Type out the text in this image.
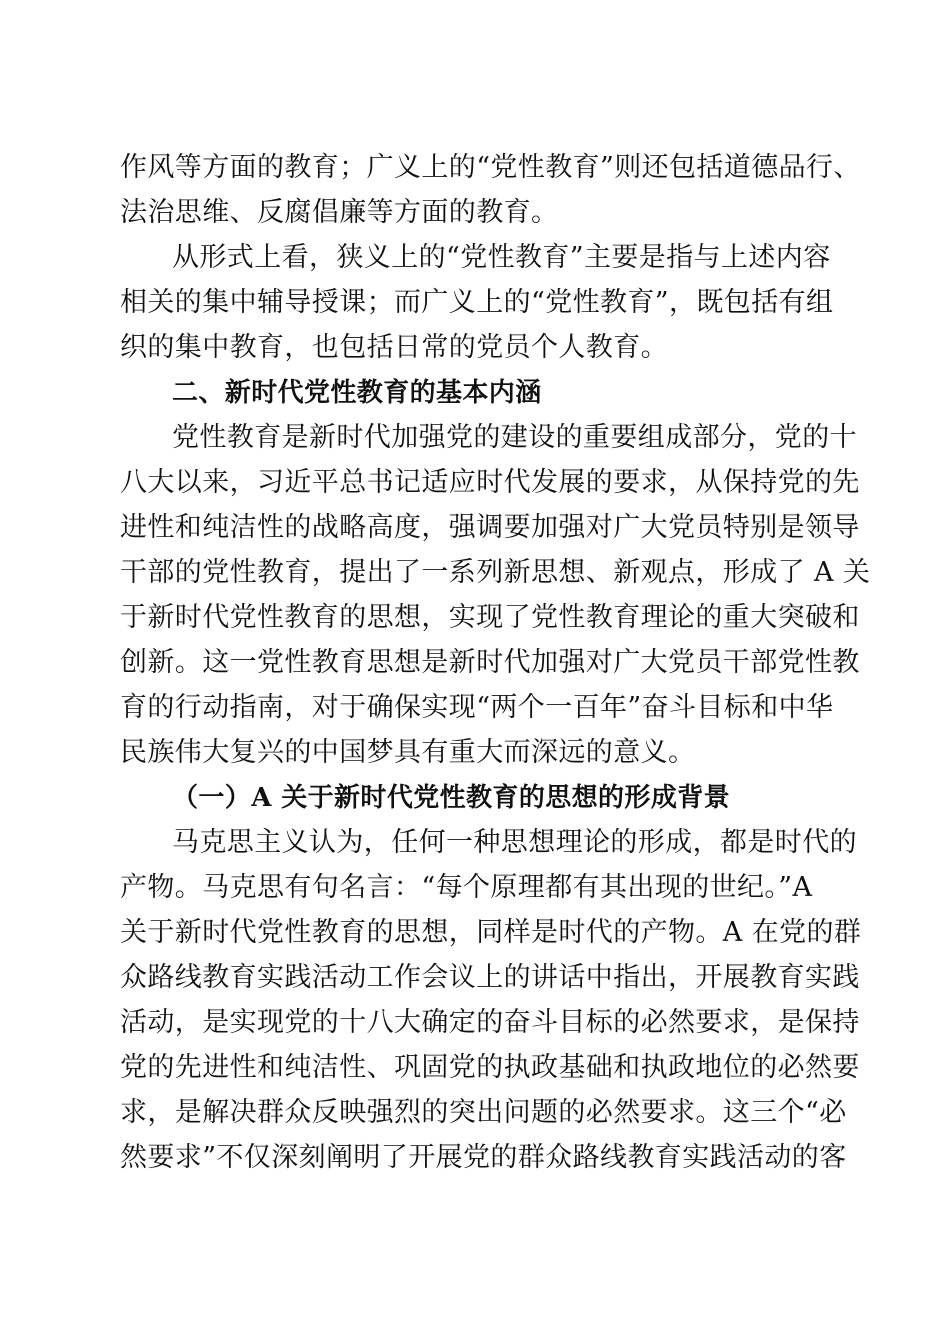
作风等方面的教育；广义上的“党性教育”则还包括道德品行、
法治思维、反腐倡廉等方面的教育。
从形式上看，狭义上的“党性教育”主要是指与上述内容
相关的集中辅导授课；而广义上的“党性教育”，既包括有组
织的集中教育，也包括日常的党员个人教育。
二、新时代党性教育的基本内涵
党性教育是新时代加强党的建设的重要组成部分，党的十
八大以来，习近平总书记适应时代发展的要求，从保持党的先
进性和纯洁性的战略高度，强调要加强对广大党员特别是领导
干部的党性教育，提出了一系列新思想、新观点，形成了 A 关
于新时代党性教育的思想，实现了党性教育理论的重大突破和
创新。这一党性教育思想是新时代加强对广大党员干部党性教
育的行动指南，对于确保实现“两个一百年”奋斗目标和中华
民族伟大复兴的中国梦具有重大而深远的意义。
（一）A 关于新时代党性教育的思想的形成背景
马克思主义认为，任何一种思想理论的形成，都是时代的
产物。马克思有句名言：“每个原理都有其出现的世纪。”A
关于新时代党性教育的思想，同样是时代的产物。A 在党的群
众路线教育实践活动工作会议上的讲话中指出，开展教育实践
活动，是实现党的十八大确定的奋斗目标的必然要求，是保持
党的先进性和纯洁性、巩固党的执政基础和执政地位的必然要
求，是解决群众反映强烈的突出问题的必然要求。这三个“必
然要求”不仅深刻阐明了开展党的群众路线教育实践活动的客
